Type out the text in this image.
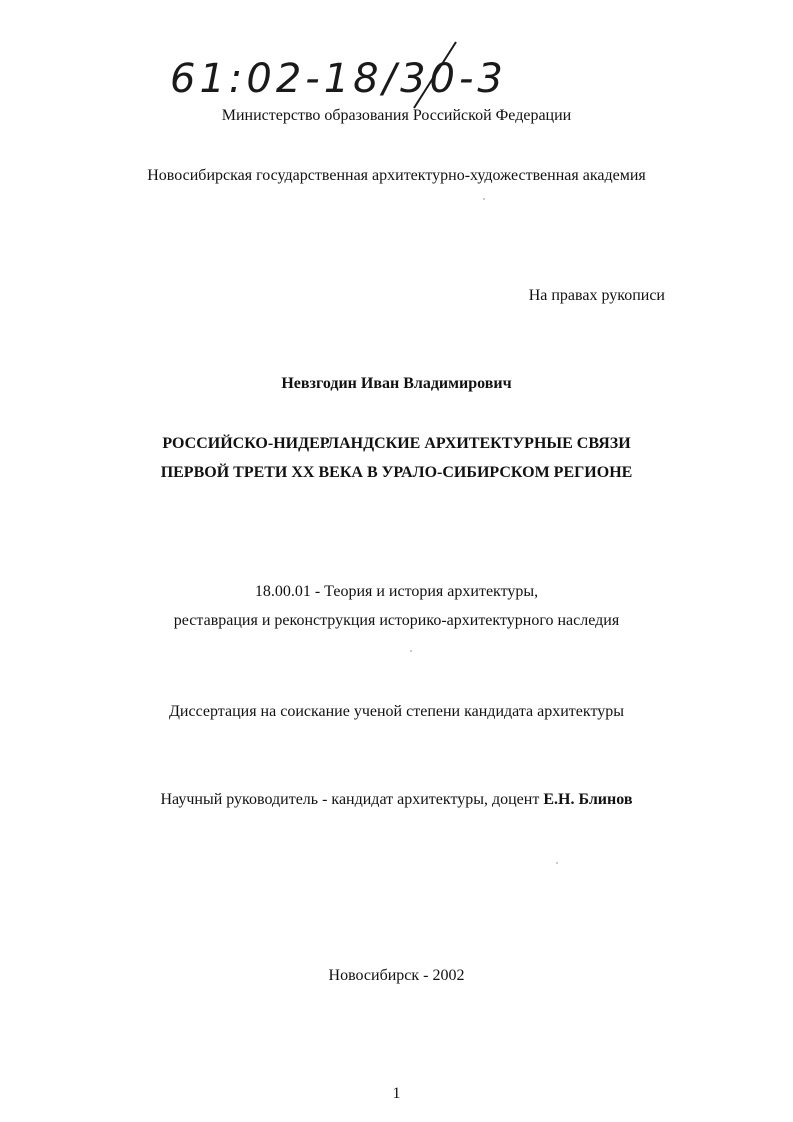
61:02-18/30-3
Министерство образования Российской Федерации
Новосибирская государственная архитектурно-художественная академия
На правах рукописи
Невзгодин Иван Владимирович
РОССИЙСКО-НИДЕРЛАНДСКИЕ АРХИТЕКТУРНЫЕ СВЯЗИ
ПЕРВОЙ ТРЕТИ XX ВЕКА В УРАЛО-СИБИРСКОМ РЕГИОНЕ
18.00.01 - Теория и история архитектуры,
реставрация и реконструкция историко-архитектурного наследия
Диссертация на соискание ученой степени кандидата архитектуры
Научный руководитель - кандидат архитектуры, доцент Е.Н. Блинов
Новосибирск - 2002
1
